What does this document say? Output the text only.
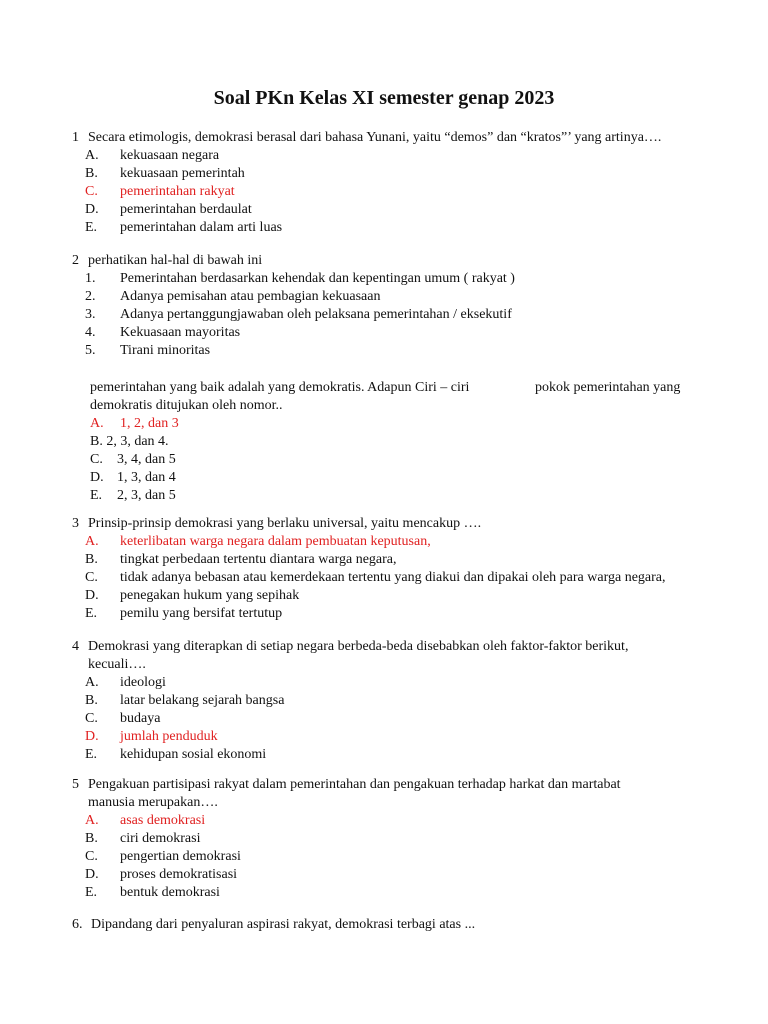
Soal PKn Kelas XI semester genap 2023
1 Secara etimologis, demokrasi berasal dari bahasa Yunani, yaitu “demos” dan “kratos”’ yang artinya….
A. kekuasaan negara
B. kekuasaan pemerintah
C. pemerintahan rakyat
D. pemerintahan berdaulat
E. pemerintahan dalam arti luas
2 perhatikan hal-hal di bawah ini
1. Pemerintahan berdasarkan kehendak dan kepentingan umum ( rakyat )
2. Adanya pemisahan atau pembagian kekuasaan
3. Adanya pertanggungjawaban oleh pelaksana pemerintahan / eksekutif
4. Kekuasaan mayoritas
5. Tirani minoritas
pemerintahan yang baik adalah yang demokratis. Adapun Ciri – ciri	pokok pemerintahan yang
demokratis ditujukan oleh nomor..
A. 1, 2, dan 3
B. 2, 3, dan 4.
C. 3, 4, dan 5
D. 1, 3, dan 4
E. 2, 3, dan 5
3 Prinsip-prinsip demokrasi yang berlaku universal, yaitu mencakup ….
A. keterlibatan warga negara dalam pembuatan keputusan,
B. tingkat perbedaan tertentu diantara warga negara,
C. tidak adanya bebasan atau kemerdekaan tertentu yang diakui dan dipakai oleh para warga negara,
D. penegakan hukum yang sepihak
E. pemilu yang bersifat tertutup
4 Demokrasi yang diterapkan di setiap negara berbeda-beda disebabkan oleh faktor-faktor berikut,
kecuali….
A. ideologi
B. latar belakang sejarah bangsa
C. budaya
D. jumlah penduduk
E. kehidupan sosial ekonomi
5 Pengakuan partisipasi rakyat dalam pemerintahan dan pengakuan terhadap harkat dan martabat
manusia merupakan….
A. asas demokrasi
B. ciri demokrasi
C. pengertian demokrasi
D. proses demokratisasi
E. bentuk demokrasi
6. Dipandang dari penyaluran aspirasi rakyat, demokrasi terbagi atas ...
